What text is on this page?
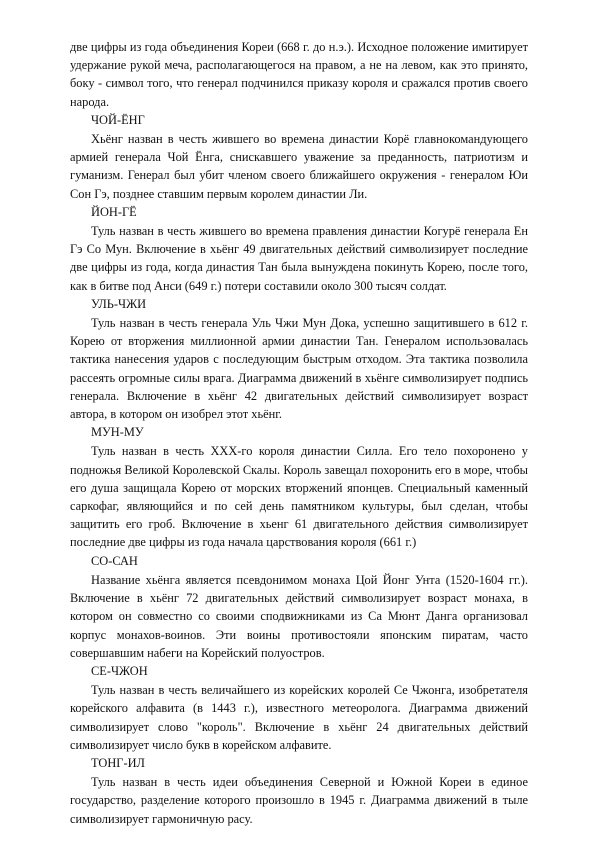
две цифры из года объединения Кореи (668 г. до н.э.). Исходное положение имитирует удержание рукой меча, располагающегося на правом, а не на левом, как это принято, боку - символ того, что генерал подчинился приказу короля и сражался против своего народа.

ЧОЙ-ЁНГ

Хьёнг назван в честь жившего во времена династии Корё главнокомандующего армией генерала Чой Ёнга, снискавшего уважение за преданность, патриотизм и гуманизм. Генерал был убит членом своего ближайшего окружения - генералом Юи Сон Гэ, позднее ставшим первым королем династии Ли.

ЙОН-ГЁ

Туль назван в честь жившего во времена правления династии Когурё генерала Ен Гэ Со Мун. Включение в хьёнг 49 двигательных действий символизирует последние две цифры из года, когда династия Тан была вынуждена покинуть Корею, после того, как в битве под Анси (649 г.) потери составили около 300 тысяч солдат.

УЛЬ-ЧЖИ

Туль назван в честь генерала Уль Чжи Мун Дока, успешно защитившего в 612 г. Корею от вторжения миллионной армии династии Тан. Генералом использовалась тактика нанесения ударов с последующим быстрым отходом. Эта тактика позволила рассеять огромные силы врага. Диаграмма движений в хьёнге символизирует подпись генерала. Включение в хьёнг 42 двигательных действий символизирует возраст автора, в котором он изобрел этот хьёнг.

МУН-МУ

Туль назван в честь XXX-го короля династии Силла. Его тело похоронено у подножья Великой Королевской Скалы. Король завещал похоронить его в море, чтобы его душа защищала Корею от морских вторжений японцев. Специальный каменный саркофаг, являющийся и по сей день памятником культуры, был сделан, чтобы защитить его гроб. Включение в хьенг 61 двигательного действия символизирует последние две цифры из года начала царствования короля (661 г.)

СО-САН

Название хьёнга является псевдонимом монаха Цой Йонг Унта (1520-1604 гг.). Включение в хьёнг 72 двигательных действий символизирует возраст монаха, в котором он совместно со своими сподвижниками из Са Мюнт Данга организовал корпус монахов-воинов. Эти воины противостояли японским пиратам, часто совершавшим набеги на Корейский полуостров.

СЕ-ЧЖОН

Туль назван в честь величайшего из корейских королей Се Чжонга, изобретателя корейского алфавита (в 1443 г.), известного метеоролога. Диаграмма движений символизирует слово "король". Включение в хьёнг 24 двигательных действий символизирует число букв в корейском алфавите.

ТОНГ-ИЛ

Туль назван в честь идеи объединения Северной и Южной Кореи в единое государство, разделение которого произошло в 1945 г. Диаграмма движений в тыле символизирует гармоничную расу.
